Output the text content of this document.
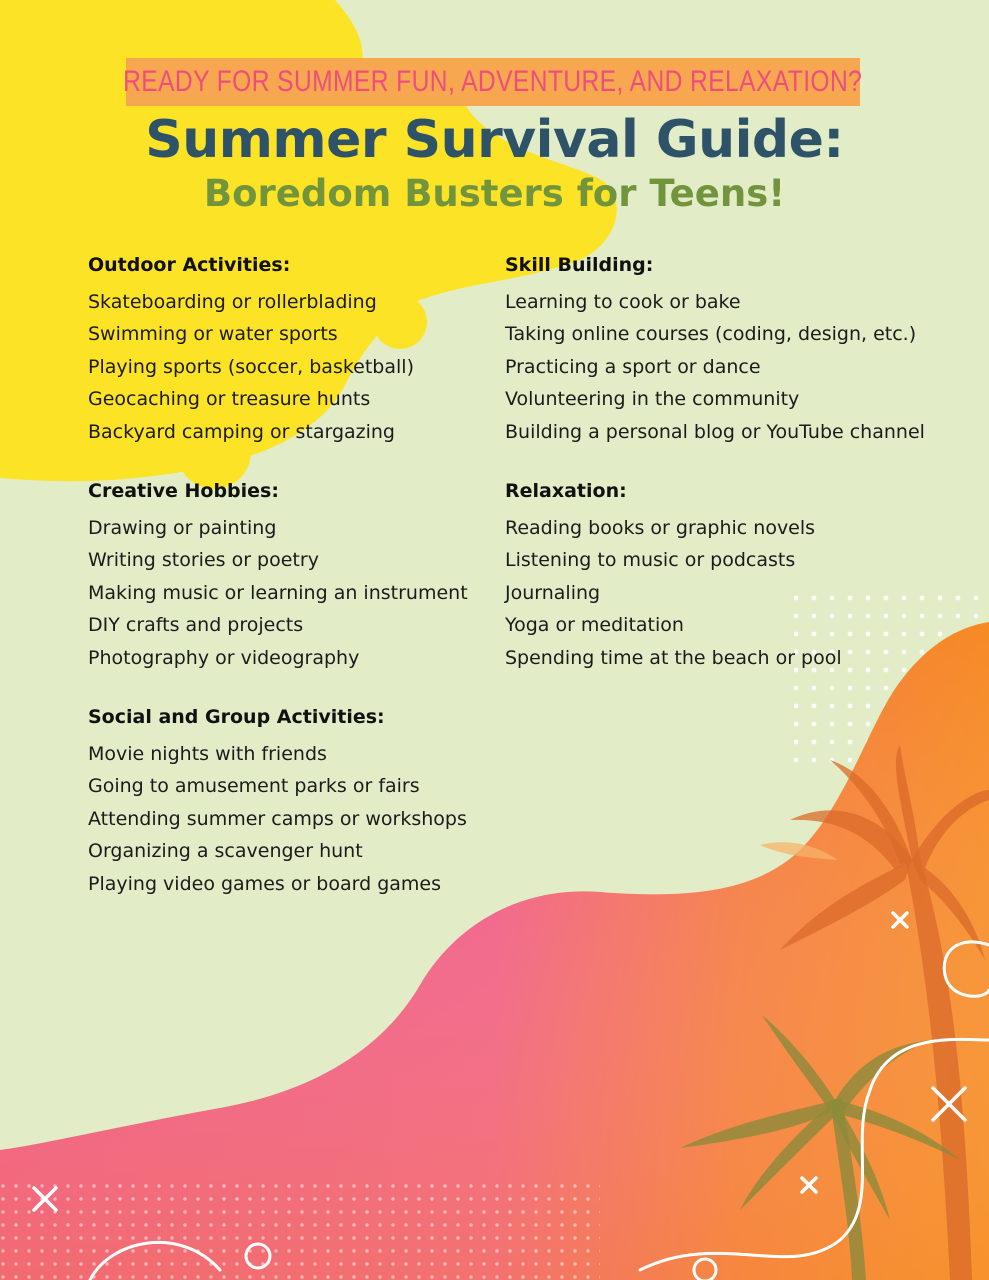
READY FOR SUMMER FUN, ADVENTURE, AND RELAXATION?
Summer Survival Guide:
Boredom Busters for Teens!
Outdoor Activities:
Skateboarding or rollerblading
Swimming or water sports
Playing sports (soccer, basketball)
Geocaching or treasure hunts
Backyard camping or stargazing
Skill Building:
Learning to cook or bake
Taking online courses (coding, design, etc.)
Practicing a sport or dance
Volunteering in the community
Building a personal blog or YouTube channel
Creative Hobbies:
Drawing or painting
Writing stories or poetry
Making music or learning an instrument
DIY crafts and projects
Photography or videography
Relaxation:
Reading books or graphic novels
Listening to music or podcasts
Journaling
Yoga or meditation
Spending time at the beach or pool
Social and Group Activities:
Movie nights with friends
Going to amusement parks or fairs
Attending summer camps or workshops
Organizing a scavenger hunt
Playing video games or board games
